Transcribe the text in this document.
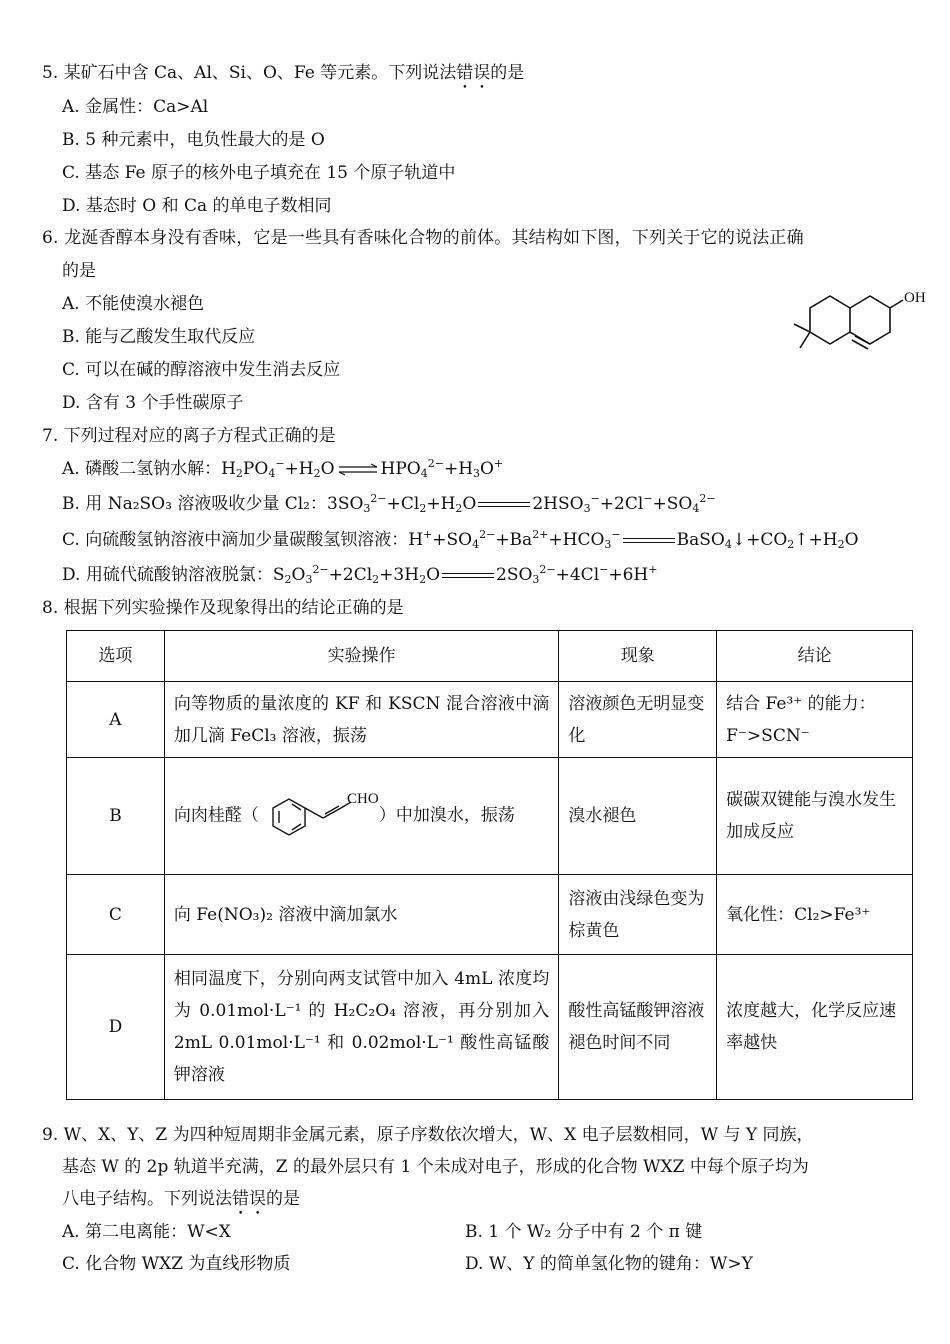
5. 某矿石中含 Ca、Al、Si、O、Fe 等元素。下列说法错误的是
A. 金属性：Ca>Al
B. 5 种元素中，电负性最大的是 O
C. 基态 Fe 原子的核外电子填充在 15 个原子轨道中
D. 基态时 O 和 Ca 的单电子数相同
6. 龙涎香醇本身没有香味，它是一些具有香味化合物的前体。其结构如下图，下列关于它的说法正确
的是
A. 不能使溴水褪色
B. 能与乙酸发生取代反应
C. 可以在碱的醇溶液中发生消去反应
D. 含有 3 个手性碳原子
OH
7. 下列过程对应的离子方程式正确的是
A. 磷酸二氢钠水解：$H_2PO_4^-+H_2O$ ⇌ $HPO_4^{2-}+H_3O^+$
B. 用 Na₂SO₃ 溶液吸收少量 Cl₂：$3SO_3^{2-}+Cl_2+H_2O$	$2HSO_3^-+2Cl^-+SO_4^{2-}$
C. 向硫酸氢钠溶液中滴加少量碳酸氢钡溶液：$H^++SO_4^{2-}+Ba^{2+}+HCO_3^-$	$BaSO_4↓+CO_2↑+H_2O$
D. 用硫代硫酸钠溶液脱氯：$S_2O_3^{2-}+2Cl_2+3H_2O$	$2SO_3^{2-}+4Cl^-+6H^+$
8. 根据下列实验操作及现象得出的结论正确的是
选项	实验操作	现象	结论
A	向等物质的量浓度的 KF 和 KSCN 混合溶液中滴加几滴 FeCl₃ 溶液，振荡	溶液颜色无明显变化	结合 Fe³⁺ 的能力：F⁻>SCN⁻
B	向肉桂醛（
CHO
）中加溴水，振荡	溴水褪色	碳碳双键能与溴水发生加成反应
C	向 Fe(NO₃)₂ 溶液中滴加氯水	溶液由浅绿色变为棕黄色	氧化性：Cl₂>Fe³⁺
D	相同温度下，分别向两支试管中加入 4mL 浓度均为 0.01mol·L⁻¹ 的 H₂C₂O₄ 溶液，再分别加入 2mL 0.01mol·L⁻¹ 和 0.02mol·L⁻¹ 酸性高锰酸钾溶液	酸性高锰酸钾溶液褪色时间不同	浓度越大，化学反应速率越快
9. W、X、Y、Z 为四种短周期非金属元素，原子序数依次增大，W、X 电子层数相同，W 与 Y 同族，
基态 W 的 2p 轨道半充满，Z 的最外层只有 1 个未成对电子，形成的化合物 WXZ 中每个原子均为
八电子结构。下列说法错误的是
A. 第二电离能：W<X	B. 1 个 W₂ 分子中有 2 个 π 键
C. 化合物 WXZ 为直线形物质	D. W、Y 的简单氢化物的键角：W>Y
